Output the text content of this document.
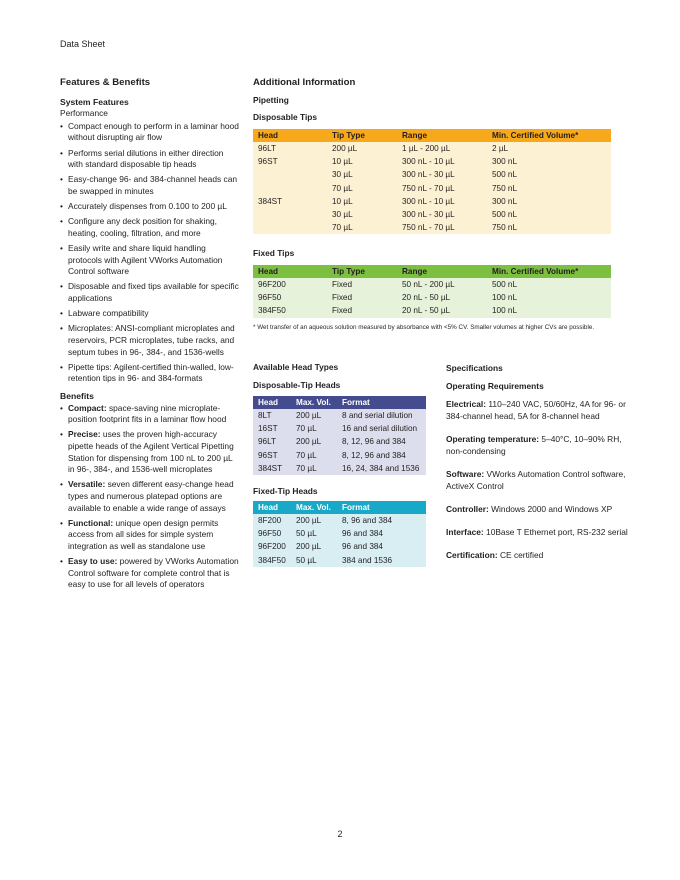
Data Sheet
Features & Benefits
System Features
Performance
• Compact enough to perform in a laminar hood without disrupting air flow
• Performs serial dilutions in either direction with standard disposable tip heads
• Easy-change 96- and 384-channel heads can be swapped in minutes
• Accurately dispenses from 0.100 to 200 µL
• Configure any deck position for shaking, heating, cooling, filtration, and more
• Easily write and share liquid handling protocols with Agilent VWorks Automation Control software
• Disposable and fixed tips available for specific applications
• Labware compatibility
• Microplates: ANSI-compliant microplates and reservoirs, PCR microplates, tube racks, and septum tubes in 96-, 384-, and 1536-wells
• Pipette tips: Agilent-certified thin-walled, low-retention tips in 96- and 384-formats
Benefits
• Compact: space-saving nine microplate-position footprint fits in a laminar flow hood
• Precise: uses the proven high-accuracy pipette heads of the Agilent Vertical Pipetting Station for dispensing from 100 nL to 200 µL in 96-, 384-, and 1536-well microplates
• Versatile: seven different easy-change head types and numerous platepad options are available to enable a wide range of assays
• Functional: unique open design permits access from all sides for simple system integration as well as standalone use
• Easy to use: powered by VWorks Automation Control software for complete control that is easy to use for all levels of operators
Additional Information
Pipetting
Disposable Tips
Head	Tip Type	Range	Min. Certified Volume*
96LT	200 µL	1 µL - 200 µL	2 µL
96ST	10 µL	300 nL - 10 µL	300 nL
	30 µL	300 nL - 30 µL	500 nL
	70 µL	750 nL - 70 µL	750 nL
384ST	10 µL	300 nL - 10 µL	300 nL
	30 µL	300 nL - 30 µL	500 nL
	70 µL	750 nL - 70 µL	750 nL
Fixed Tips
Head	Tip Type	Range	Min. Certified Volume*
96F200	Fixed	50 nL - 200 µL	500 nL
96F50	Fixed	20 nL - 50 µL	100 nL
384F50	Fixed	20 nL - 50 µL	100 nL
* Wet transfer of an aqueous solution measured by absorbance with <5% CV. Smaller volumes at higher CVs are possible.
Available Head Types
Disposable-Tip Heads
Head	Max. Vol.	Format
8LT	200 µL	8 and serial dilution
16ST	70 µL	16 and serial dilution
96LT	200 µL	8, 12, 96 and 384
96ST	70 µL	8, 12, 96 and 384
384ST	70 µL	16, 24, 384 and 1536
Fixed-Tip Heads
Head	Max. Vol.	Format
8F200	200 µL	8, 96 and 384
96F50	50 µL	96 and 384
96F200	200 µL	96 and 384
384F50	50 µL	384 and 1536

Specifications

Operating Requirements

Electrical: 110–240 VAC, 50/60Hz, 4A for 96- or 384-channel head, 5A for 8-channel head

Operating temperature: 5–40°C, 10–90% RH, non-condensing

Software: VWorks Automation Control software, ActiveX Control

Controller: Windows 2000 and Windows XP

Interface: 10Base T Ethernet port, RS-232 serial

Certification: CE certified

2
